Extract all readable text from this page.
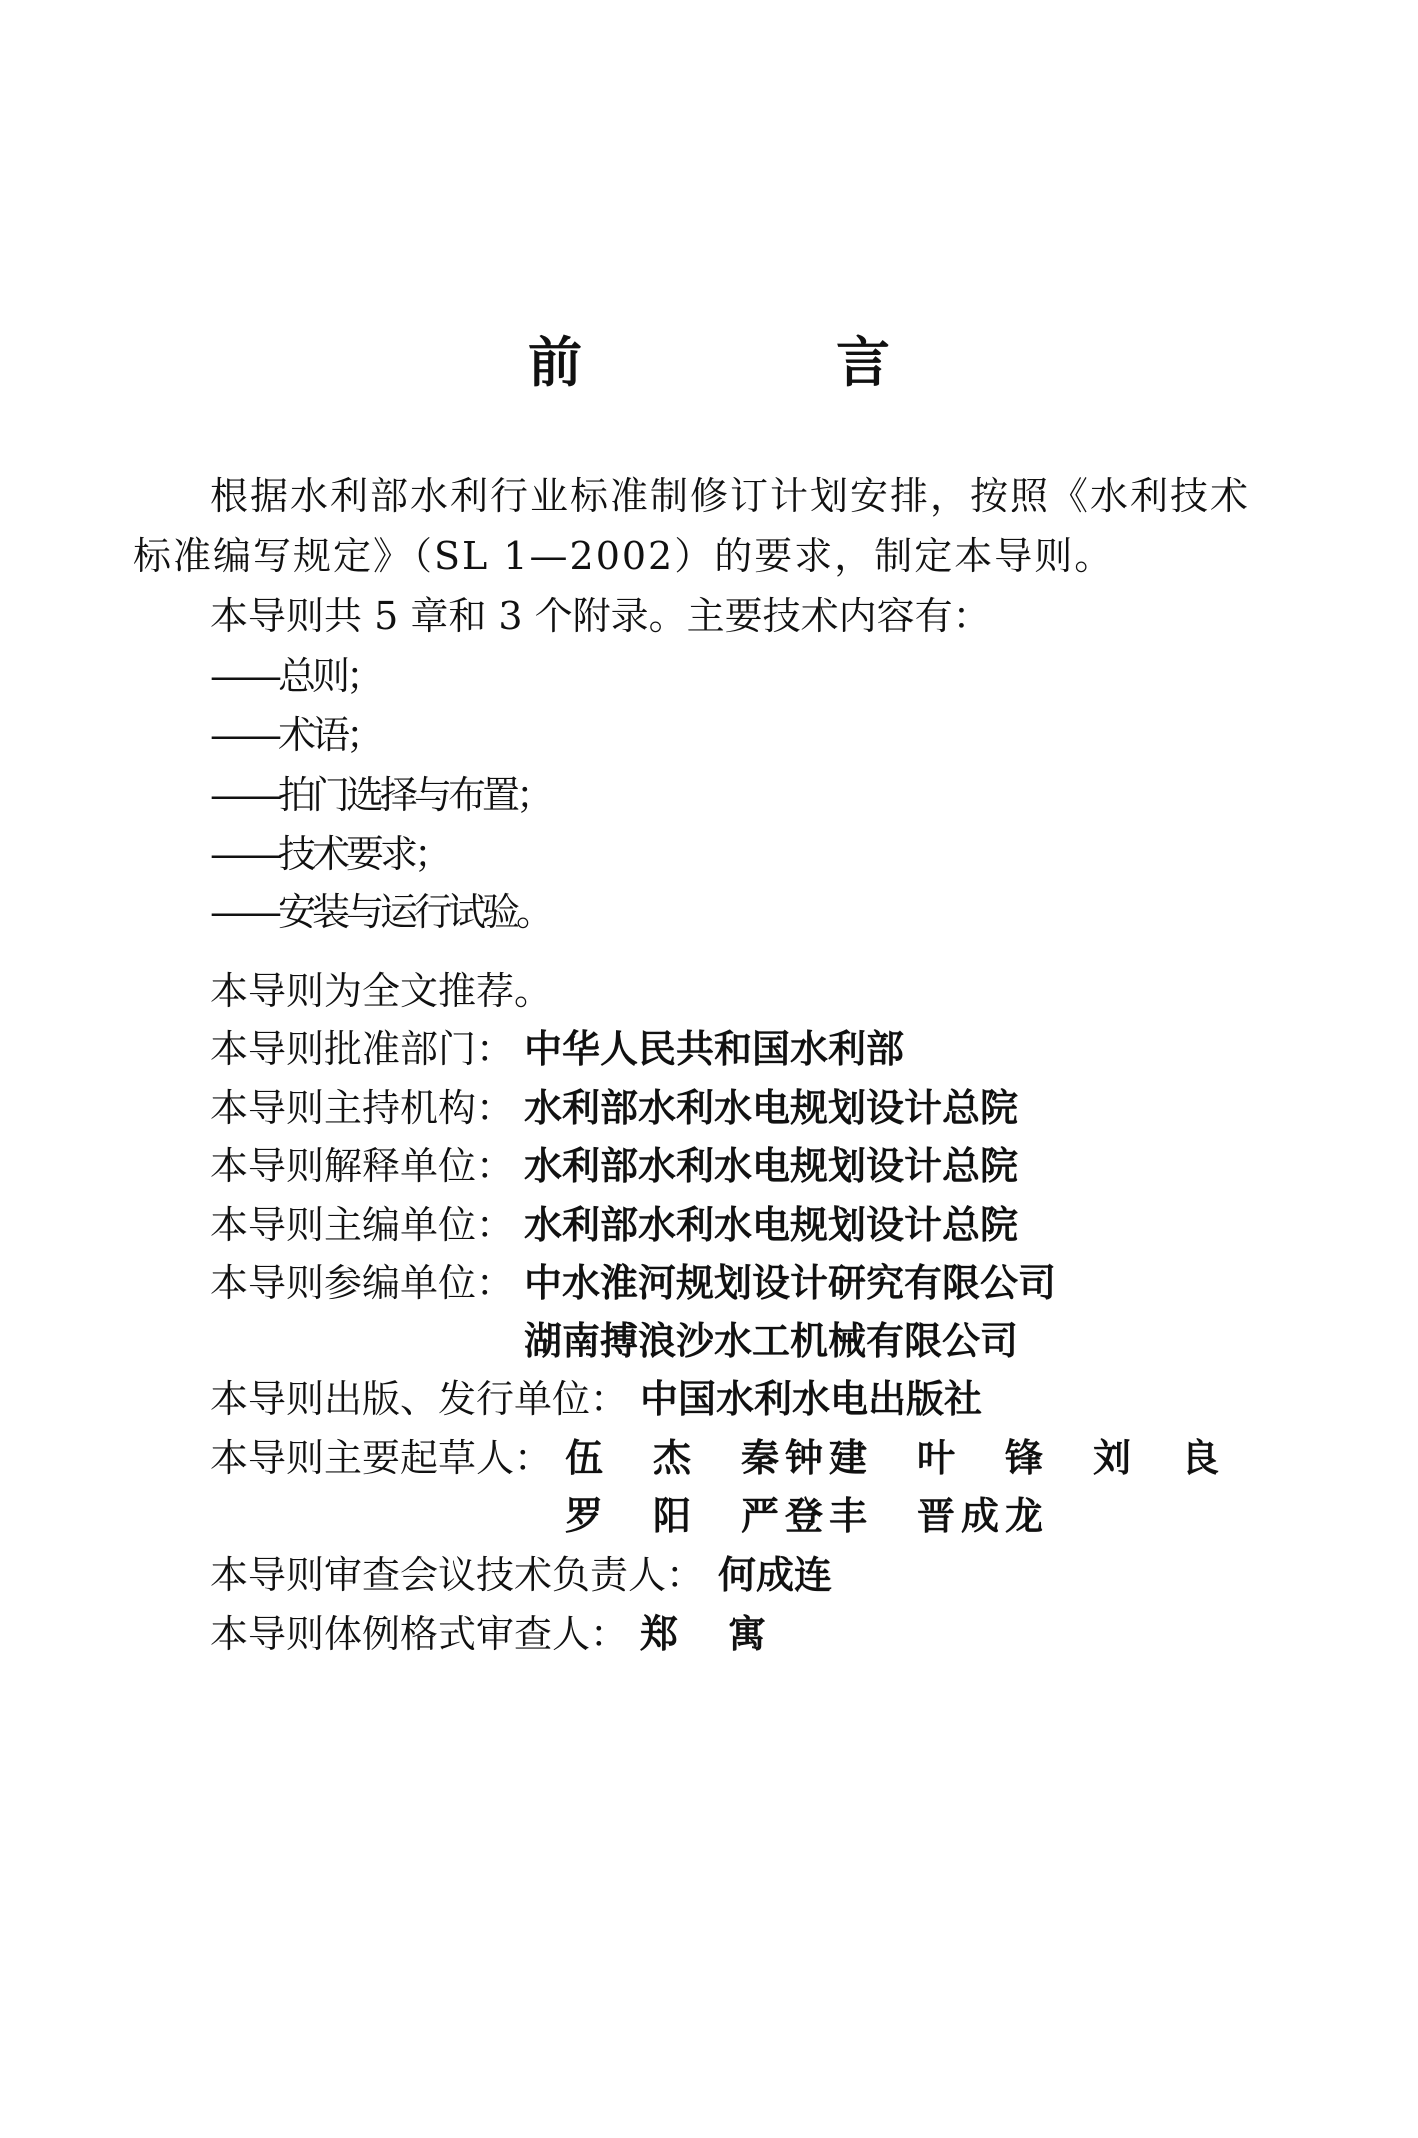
前　言
根据水利部水利行业标准制修订计划安排，按照《水利技术
标准编写规定》（SL 1—2002）的要求，制定本导则。
本导则共 5 章和 3 个附录。主要技术内容有：
——总则；
——术语；
——拍门选择与布置；
——技术要求；
——安装与运行试验。
本导则为全文推荐。
本导则批准部门： 中华人民共和国水利部
本导则主持机构： 水利部水利水电规划设计总院
本导则解释单位： 水利部水利水电规划设计总院
本导则主编单位： 水利部水利水电规划设计总院
本导则参编单位： 中水淮河规划设计研究有限公司
湖南搏浪沙水工机械有限公司
本导则出版、发行单位： 中国水利水电出版社
本导则主要起草人： 伍　杰　秦钟建　叶　锋　刘　良
罗　阳　严登丰　晋成龙
本导则审查会议技术负责人： 何成连
本导则体例格式审查人： 郑　寓
